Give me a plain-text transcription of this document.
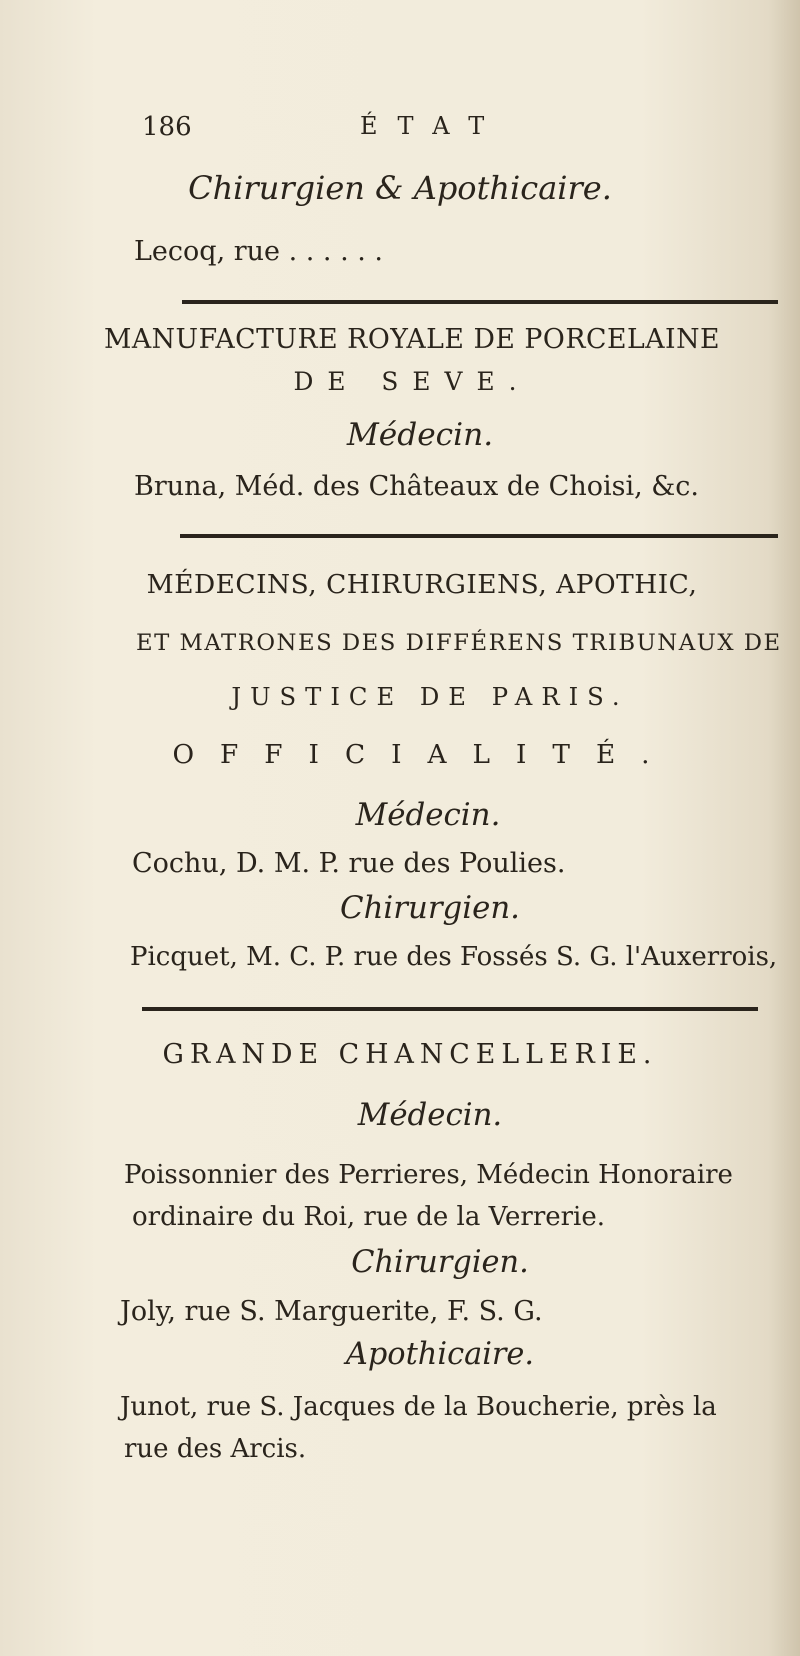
186	ÉTAT
Chirurgien & Apothicaire.
Lecoq, rue . . . . . .
MANUFACTURE ROYALE DE PORCELAINE
DE SEVE.
Médecin.
Bruna, Méd. des Châteaux de Choisi, &c.
MÉDECINS, CHIRURGIENS, APOTHIC,
ET MATRONES DES DIFFÉRENS TRIBUNAUX DE
JUSTICE DE PARIS.
OFFICIALITÉ.
Médecin.
Cochu, D. M. P. rue des Poulies.
Chirurgien.
Picquet, M. C. P. rue des Fossés S. G. l'Auxerrois,
GRANDE CHANCELLERIE.
Médecin.
Poissonnier des Perrieres, Médecin Honoraire
ordinaire du Roi, rue de la Verrerie.
Chirurgien.
Joly, rue S. Marguerite, F. S. G.
Apothicaire.
Junot, rue S. Jacques de la Boucherie, près la
rue des Arcis.
